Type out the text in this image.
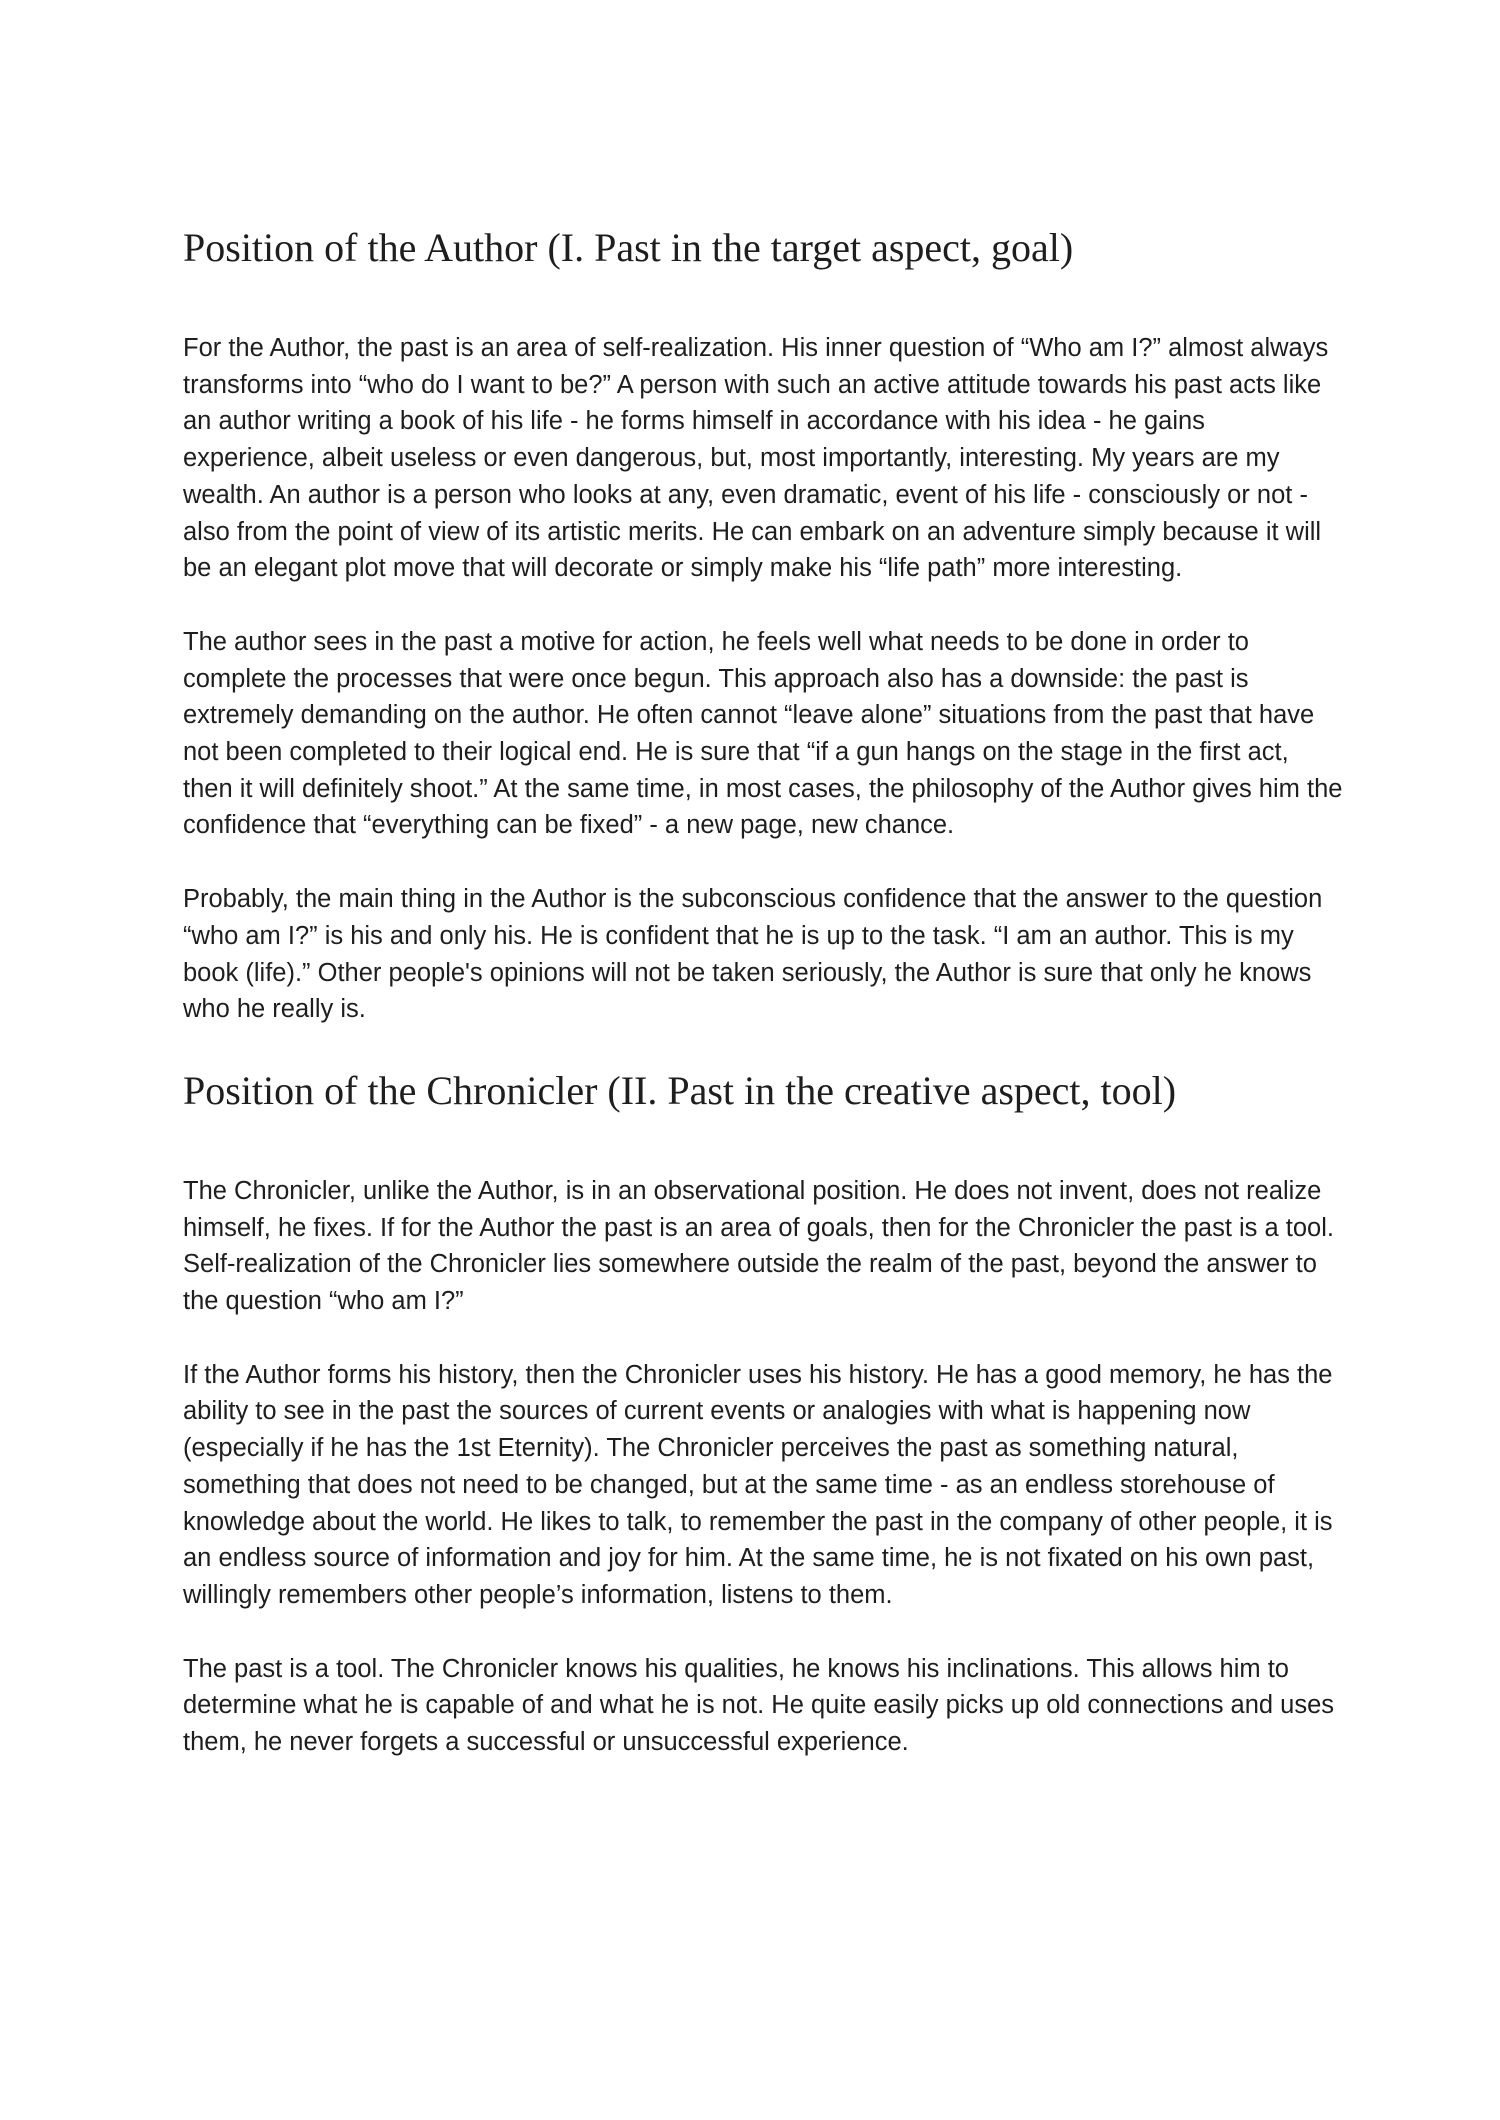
Position of the Author (I. Past in the target aspect, goal)

For the Author, the past is an area of self-realization. His inner question of “Who am I?” almost always transforms into “who do I want to be?” A person with such an active attitude towards his past acts like an author writing a book of his life - he forms himself in accordance with his idea - he gains experience, albeit useless or even dangerous, but, most importantly, interesting. My years are my wealth. An author is a person who looks at any, even dramatic, event of his life - consciously or not - also from the point of view of its artistic merits. He can embark on an adventure simply because it will be an elegant plot move that will decorate or simply make his “life path” more interesting.

The author sees in the past a motive for action, he feels well what needs to be done in order to complete the processes that were once begun. This approach also has a downside: the past is extremely demanding on the author. He often cannot “leave alone” situations from the past that have not been completed to their logical end. He is sure that “if a gun hangs on the stage in the first act, then it will definitely shoot.” At the same time, in most cases, the philosophy of the Author gives him the confidence that “everything can be fixed” - a new page, new chance.

Probably, the main thing in the Author is the subconscious confidence that the answer to the question “who am I?” is his and only his. He is confident that he is up to the task. “I am an author. This is my book (life).” Other people's opinions will not be taken seriously, the Author is sure that only he knows who he really is.

Position of the Chronicler (II. Past in the creative aspect, tool)

The Chronicler, unlike the Author, is in an observational position. He does not invent, does not realize himself, he fixes. If for the Author the past is an area of goals, then for the Chronicler the past is a tool. Self-realization of the Chronicler lies somewhere outside the realm of the past, beyond the answer to the question “who am I?”

If the Author forms his history, then the Chronicler uses his history. He has a good memory, he has the ability to see in the past the sources of current events or analogies with what is happening now (especially if he has the 1st Eternity). The Chronicler perceives the past as something natural, something that does not need to be changed, but at the same time - as an endless storehouse of knowledge about the world. He likes to talk, to remember the past in the company of other people, it is an endless source of information and joy for him. At the same time, he is not fixated on his own past, willingly remembers other people’s information, listens to them.

The past is a tool. The Chronicler knows his qualities, he knows his inclinations. This allows him to determine what he is capable of and what he is not. He quite easily picks up old connections and uses them, he never forgets a successful or unsuccessful experience.
